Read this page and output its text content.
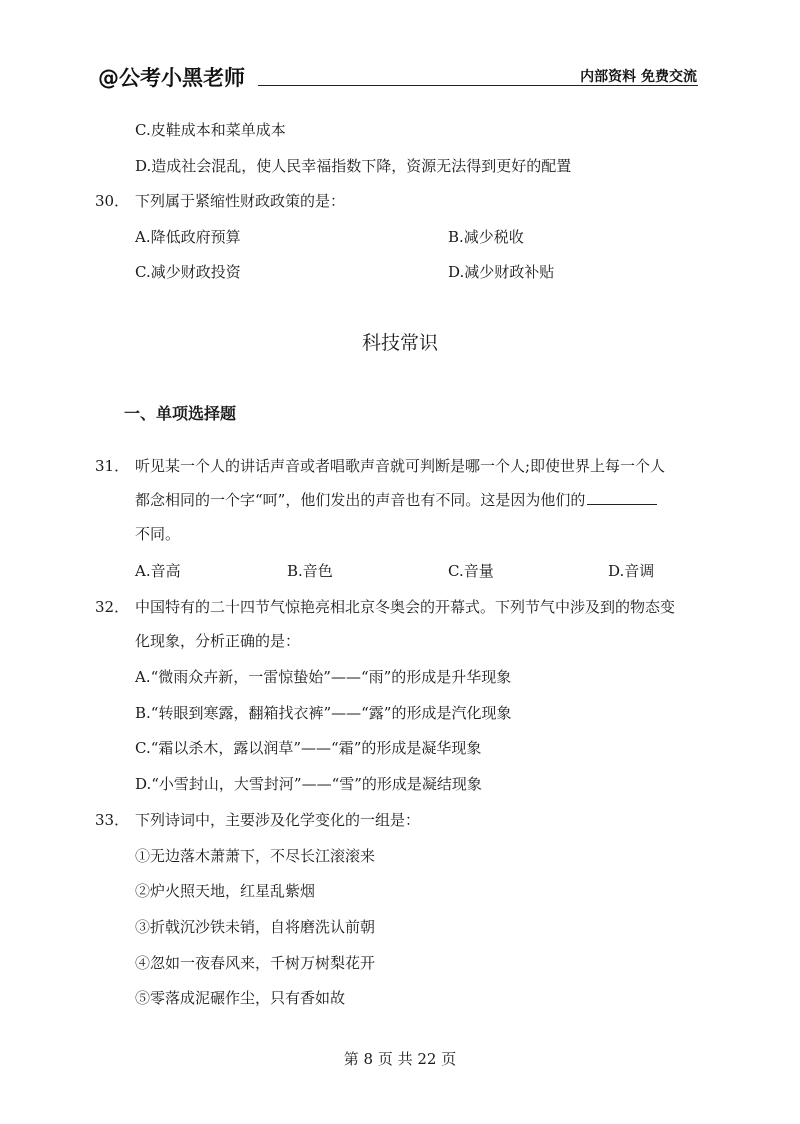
@公考小黑老师	内部资料 免费交流
C.皮鞋成本和菜单成本
D.造成社会混乱，使人民幸福指数下降，资源无法得到更好的配置
30． 下列属于紧缩性财政政策的是：
A.降低政府预算	B.减少税收
C.减少财政投资	D.减少财政补贴
科技常识
一、单项选择题
31． 听见某一个人的讲话声音或者唱歌声音就可判断是哪一个人;即使世界上每一个人
都念相同的一个字“呵”，他们发出的声音也有不同。这是因为他们的
不同。
A.音高	B.音色	C.音量	D.音调
32． 中国特有的二十四节气惊艳亮相北京冬奥会的开幕式。下列节气中涉及到的物态变
化现象，分析正确的是：
A.“微雨众卉新，一雷惊蛰始”——“雨”的形成是升华现象
B.“转眼到寒露，翻箱找衣裤”——“露”的形成是汽化现象
C.“霜以杀木，露以润草”——“霜”的形成是凝华现象
D.“小雪封山，大雪封河”——“雪”的形成是凝结现象
33． 下列诗词中，主要涉及化学变化的一组是：
①无边落木萧萧下，不尽长江滚滚来
②炉火照天地，红星乱紫烟
③折戟沉沙铁未销，自将磨洗认前朝
④忽如一夜春风来，千树万树梨花开
⑤零落成泥碾作尘，只有香如故
第 8 页 共 22 页
